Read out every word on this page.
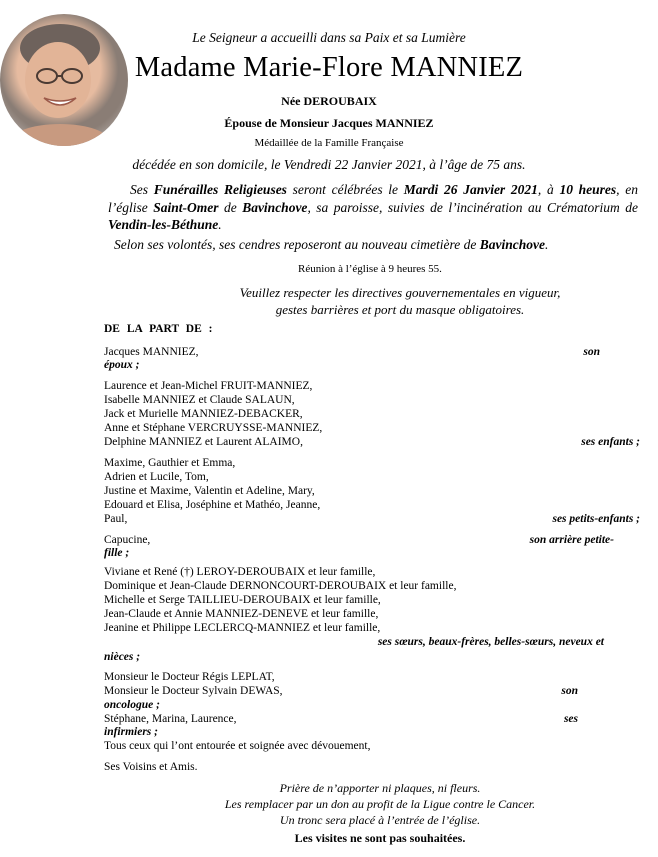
Le Seigneur a accueilli dans sa Paix et sa Lumière
Madame Marie-Flore MANNIEZ
Née DEROUBAIX
Épouse de Monsieur Jacques MANNIEZ
Médaillée de la Famille Française
décédée en son domicile, le Vendredi 22 Janvier 2021, à l’âge de 75 ans.

Ses Funérailles Religieuses seront célébrées le Mardi 26 Janvier 2021, à 10 heures, en l’église Saint-Omer de Bavinchove, sa paroisse, suivies de l’incinération au Crématorium de Vendin-les-Béthune.

Selon ses volontés, ses cendres reposeront au nouveau cimetière de Bavinchove.
Réunion à l’église à 9 heures 55.
Veuillez respecter les directives gouvernementales en vigueur,
gestes barrières et port du masque obligatoires.
DE LA PART DE :
Jacques MANNIEZ,	son
époux ;
Laurence et Jean-Michel FRUIT-MANNIEZ,
Isabelle MANNIEZ et Claude SALAUN,
Jack et Murielle MANNIEZ-DEBACKER,
Anne et Stéphane VERCRUYSSE-MANNIEZ,
Delphine MANNIEZ et Laurent ALAIMO,	ses enfants ;
Maxime, Gauthier et Emma,
Adrien et Lucile, Tom,
Justine et Maxime, Valentin et Adeline, Mary,
Edouard et Elisa, Joséphine et Mathéo, Jeanne,
Paul,	ses petits-enfants ;
Capucine,	son arrière petite-
fille ;
Viviane et René (†) LEROY-DEROUBAIX et leur famille,
Dominique et Jean-Claude DERNONCOURT-DEROUBAIX et leur famille,
Michelle et Serge TAILLIEU-DEROUBAIX et leur famille,
Jean-Claude et Annie MANNIEZ-DENEVE et leur famille,
Jeanine et Philippe LECLERCQ-MANNIEZ et leur famille,
ses sœurs, beaux-frères, belles-sœurs, neveux et
nièces ;
Monsieur le Docteur Régis LEPLAT,
Monsieur le Docteur Sylvain DEWAS,	son
oncologue ;
Stéphane, Marina, Laurence,	ses
infirmiers ;
Tous ceux qui l’ont entourée et soignée avec dévouement,
Ses Voisins et Amis.
Prière de n’apporter ni plaques, ni fleurs.
Les remplacer par un don au profit de la Ligue contre le Cancer.
Un tronc sera placé à l’entrée de l’église.
Les visites ne sont pas souhaitées.
